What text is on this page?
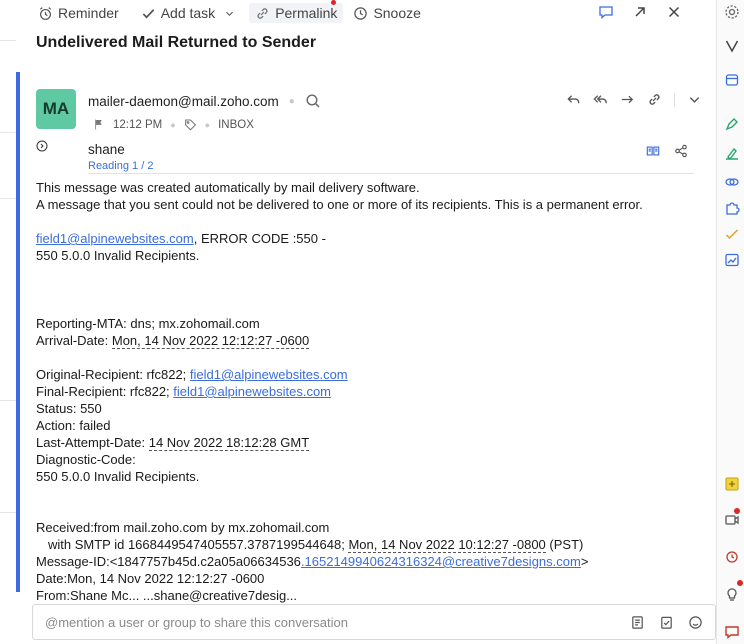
Reminder	Add task	Permalink	Snooze
Undelivered Mail Returned to Sender
MA	mailer-daemon@mail.zoho.com ●
12:12 PM ●	● INBOX
shane
Reading 1 / 2
This message was created automatically by mail delivery software.
A message that you sent could not be delivered to one or more of its recipients. This is a permanent error.
field1@alpinewebsites.com, ERROR CODE :550 -
550 5.0.0 Invalid Recipients.
Reporting-MTA: dns; mx.zohomail.com
Arrival-Date: Mon, 14 Nov 2022 12:12:27 -0600
Original-Recipient: rfc822; field1@alpinewebsites.com
Final-Recipient: rfc822; field1@alpinewebsites.com
Status: 550
Action: failed
Last-Attempt-Date: 14 Nov 2022 18:12:28 GMT
Diagnostic-Code:
550 5.0.0 Invalid Recipients.
Received:from mail.zoho.com by mx.zohomail.com
with SMTP id 1668449547405557.3787199544648; Mon, 14 Nov 2022 10:12:27 -0800 (PST)
Message-ID:<1847757b45d.c2a05a06634536.1652149940624316324@creative7designs.com>
Date:Mon, 14 Nov 2022 12:12:27 -0600
From:Shane Mc... ...shane@creative7desig...
@mention a user or group to share this conversation
